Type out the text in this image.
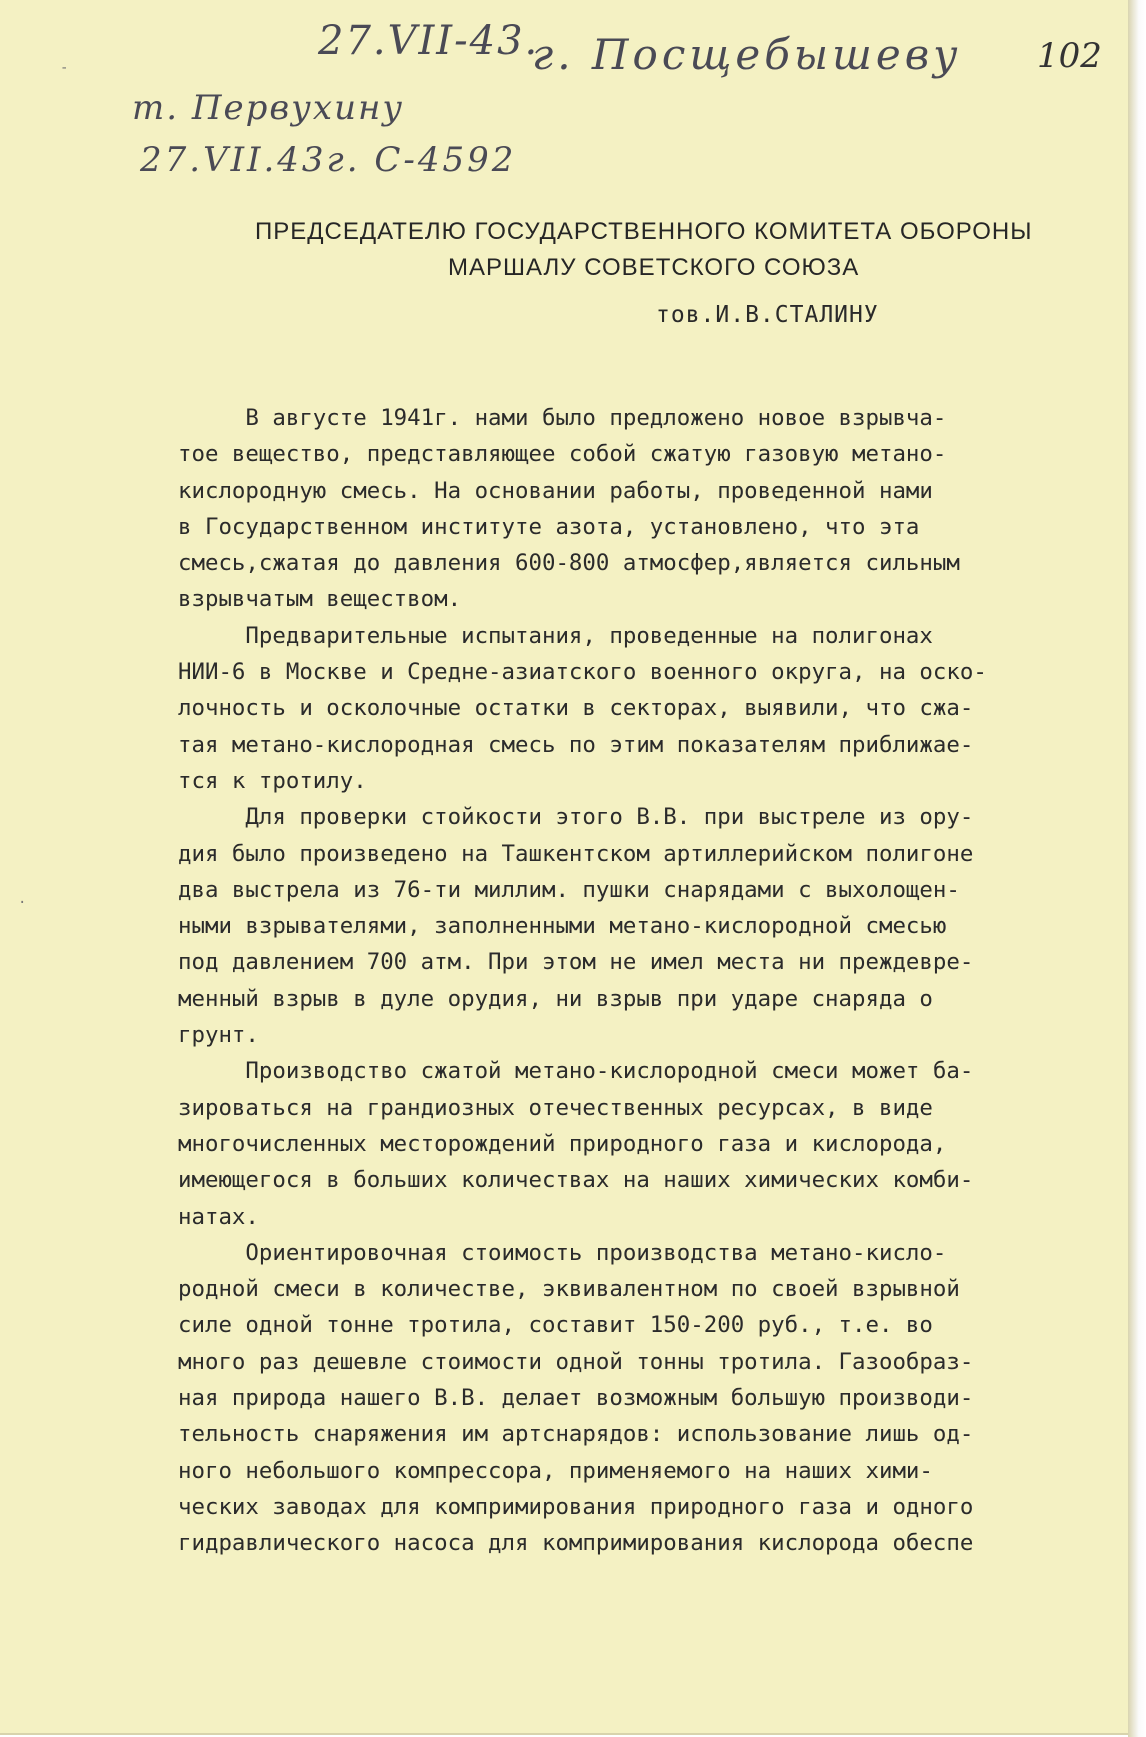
27.VII-43.
г. Посщебышеву 102
т. Первухину
27.VII.43г. С-4592
ПРЕДСЕДАТЕЛЮ ГОСУДАРСТВЕННОГО КОМИТЕТА ОБОРОНЫ
МАРШАЛУ СОВЕТСКОГО СОЮЗА
тов.И.В.СТАЛИНУ
-
·
В августе 1941г. нами было предложено новое взрывча-
тое вещество, представляющее собой сжатую газовую метано-
кислородную смесь. На основании работы, проведенной нами
в Государственном институте азота, установлено, что эта
смесь,сжатая до давления 600-800 атмосфер,является сильным
взрывчатым веществом.
Предварительные испытания, проведенные на полигонах
НИИ-6 в Москве и Средне-азиатского военного округа, на оско-
лочность и осколочные остатки в секторах, выявили, что сжа-
тая метано-кислородная смесь по этим показателям приближае-
тся к тротилу.
Для проверки стойкости этого В.В. при выстреле из ору-
дия было произведено на Ташкентском артиллерийском полигоне
два выстрела из 76-ти миллим. пушки снарядами с выхолощен-
ными взрывателями, заполненными метано-кислородной смесью
под давлением 700 атм. При этом не имел места ни преждевре-
менный взрыв в дуле орудия, ни взрыв при ударе снаряда о
грунт.
Производство сжатой метано-кислородной смеси может ба-
зироваться на грандиозных отечественных ресурсах, в виде
многочисленных месторождений природного газа и кислорода,
имеющегося в больших количествах на наших химических комби-
натах.
Ориентировочная стоимость производства метано-кисло-
родной смеси в количестве, эквивалентном по своей взрывной
силе одной тонне тротила, составит 150-200 руб., т.е. во
много раз дешевле стоимости одной тонны тротила. Газообраз-
ная природа нашего В.В. делает возможным большую производи-
тельность снаряжения им артснарядов: использование лишь од-
ного небольшого компрессора, применяемого на наших хими-
ческих заводах для компримирования природного газа и одного
гидравлического насоса для компримирования кислорода обеспе
